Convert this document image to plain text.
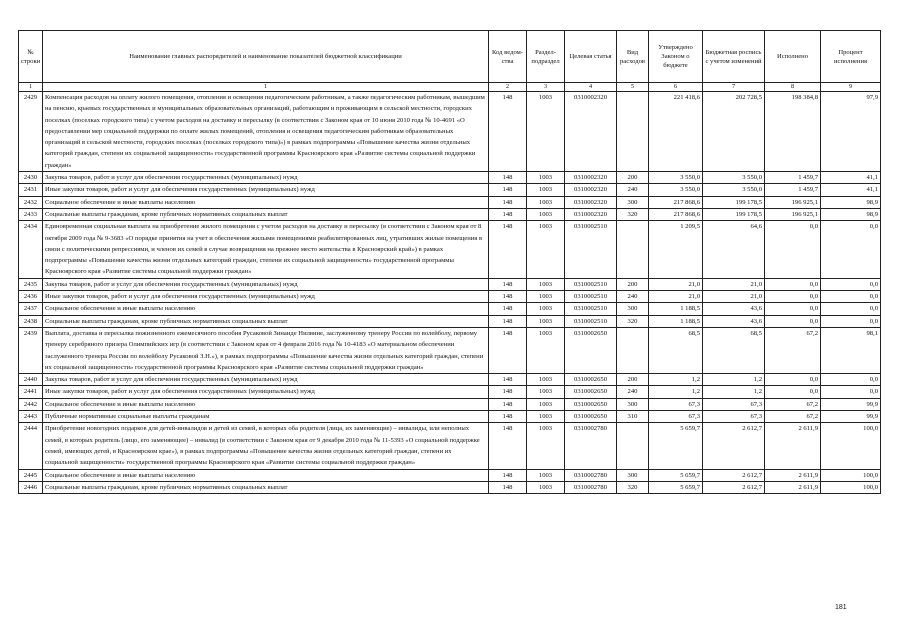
№ строки	Наименование главных распорядителей и наименование показателей бюджетной классификации	Код ведом-ства	Раздел-подраздел	Целевая статья	Вид расходов	Утверждено Законом о бюджете	Бюджетная роспись с учетом изменений	Исполнено	Процент исполнения
1	1	2	3	4	5	6	7	8	9
2429	Компенсация расходов на оплату жилого помещения, отопления и освещения педагогическим работникам, а также педагогическим работникам, вышедшим на пенсию, краевых государственных и муниципальных образовательных организаций, работающим и проживающим в сельской местности, городских поселках (поселках городского типа) с учетом расходов на доставку и пересылку (в соответствии с Законом края от 10 июня 2010 года № 10-4691 «О предоставлении мер социальной поддержки по оплате жилых помещений, отопления и освещения педагогическим работникам образовательных организаций в сельской местности, городских поселках (поселках городского типа)») в рамках подпрограммы «Повышение качества жизни отдельных категорий граждан, степени их социальной защищенности» государственной программы Красноярского края «Развитие системы социальной поддержки граждан»	148	1003	0310002320		221 418,6	202 728,5	198 384,8	97,9
2430	Закупка товаров, работ и услуг для обеспечения государственных (муниципальных) нужд	148	1003	0310002320	200	3 550,0	3 550,0	1 459,7	41,1
2431	Иные закупки товаров, работ и услуг для обеспечения государственных (муниципальных) нужд	148	1003	0310002320	240	3 550,0	3 550,0	1 459,7	41,1
2432	Социальное обеспечение и иные выплаты населению	148	1003	0310002320	300	217 868,6	199 178,5	196 925,1	98,9
2433	Социальные выплаты гражданам, кроме публичных нормативных социальных выплат	148	1003	0310002320	320	217 868,6	199 178,5	196 925,1	98,9
2434	Единовременная социальная выплата на приобретение жилого помещения с учетом расходов на доставку и пересылку (в соответствии с Законом края от 8 октября 2009 года № 9-3683 «О порядке принятия на учет и обеспечения жилыми помещениями реабилитированных лиц, утративших жилые помещения в связи с политическими репрессиями, и членов их семей в случае возвращения на прежнее место жительства в Красноярский край») в рамках подпрограммы «Повышение качества жизни отдельных категорий граждан, степени их социальной защищенности» государственной программы Красноярского края «Развитие системы социальной поддержки граждан»	148	1003	0310002510		1 209,5	64,6	0,0	0,0
2435	Закупка товаров, работ и услуг для обеспечения государственных (муниципальных) нужд	148	1003	0310002510	200	21,0	21,0	0,0	0,0
2436	Иные закупки товаров, работ и услуг для обеспечения государственных (муниципальных) нужд	148	1003	0310002510	240	21,0	21,0	0,0	0,0
2437	Социальное обеспечение и иные выплаты населению	148	1003	0310002510	300	1 188,5	43,6	0,0	0,0
2438	Социальные выплаты гражданам, кроме публичных нормативных социальных выплат	148	1003	0310002510	320	1 188,5	43,6	0,0	0,0
2439	Выплата, доставка и пересылка пожизненного ежемесячного пособия Русаковой Зинаиде Нилвиие, заслуженному тренеру России по волейболу, первому тренеру серебряного призера Олимпийских игр (в соответствии с Законом края от 4 февраля 2016 года № 10-4183 «О материальном обеспечении заслуженного тренера России по волейболу Русаковой З.Н.»), в рамках подпрограммы «Повышение качества жизни отдельных категорий граждан, степени их социальной защищенности» государственной программы Красноярского края «Развитие системы социальной поддержки граждан»	148	1003	0310002650		68,5	68,5	67,2	98,1
2440	Закупка товаров, работ и услуг для обеспечения государственных (муниципальных) нужд	148	1003	0310002650	200	1,2	1,2	0,0	0,0
2441	Иные закупки товаров, работ и услуг для обеспечения государственных (муниципальных) нужд	148	1003	0310002650	240	1,2	1,2	0,0	0,0
2442	Социальное обеспечение и иные выплаты населению	148	1003	0310002650	300	67,3	67,3	67,2	99,9
2443	Публичные нормативные социальные выплаты гражданам	148	1003	0310002650	310	67,3	67,3	67,2	99,9
2444	Приобретение новогодних подарков для детей-инвалидов и детей из семей, в которых оба родителя (лица, их заменяющие) – инвалиды, или неполных семей, в которых родитель (лицо, его заменяющее) – инвалид (в соответствии с Законом края от 9 декабря 2010 года № 11-5393 «О социальной поддержке семей, имеющих детей, в Красноярском крае»), в рамках подпрограммы «Повышение качества жизни отдельных категорий граждан, степени их социальной защищенности» государственной программы Красноярского края «Развитие системы социальной поддержки граждан»	148	1003	0310002780		5 659,7	2 612,7	2 611,9	100,0
2445	Социальное обеспечение и иные выплаты населению	148	1003	0310002780	300	5 659,7	2 612,7	2 611,9	100,0
2446	Социальные выплаты гражданам, кроме публичных нормативных социальных выплат	148	1003	0310002780	320	5 659,7	2 612,7	2 611,9	100,0
181
